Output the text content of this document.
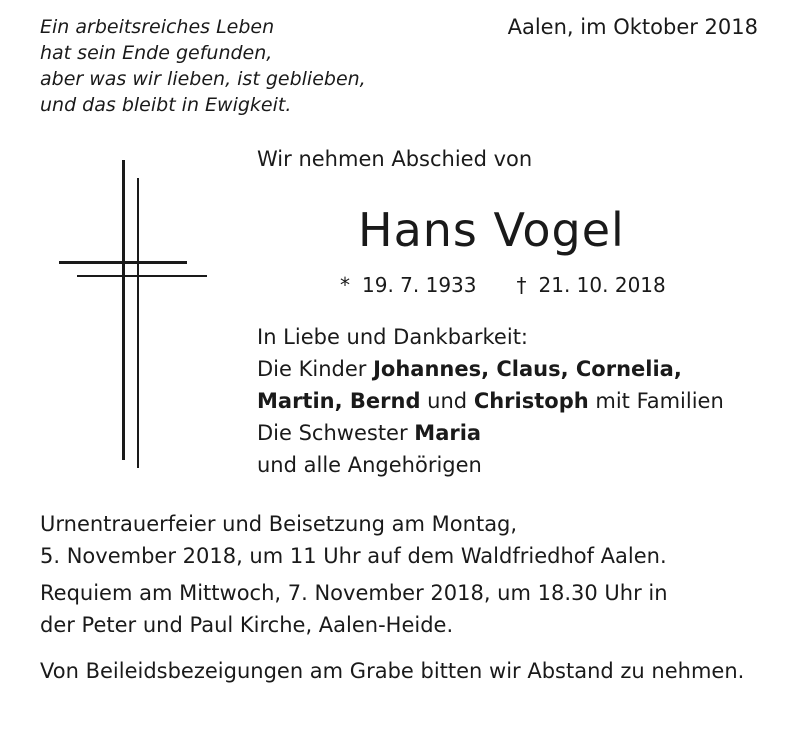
Ein arbeitsreiches Leben
hat sein Ende gefunden,
aber was wir lieben, ist geblieben,
und das bleibt in Ewigkeit.
Aalen, im Oktober 2018
Wir nehmen Abschied von
Hans Vogel
* 19. 7. 1933 † 21. 10. 2018
In Liebe und Dankbarkeit:
Die Kinder Johannes, Claus, Cornelia,
Martin, Bernd und Christoph mit Familien
Die Schwester Maria
und alle Angehörigen
Urnentrauerfeier und Beisetzung am Montag,
5. November 2018, um 11 Uhr auf dem Waldfriedhof Aalen.
Requiem am Mittwoch, 7. November 2018, um 18.30 Uhr in
der Peter und Paul Kirche, Aalen-Heide.
Von Beileidsbezeigungen am Grabe bitten wir Abstand zu nehmen.
